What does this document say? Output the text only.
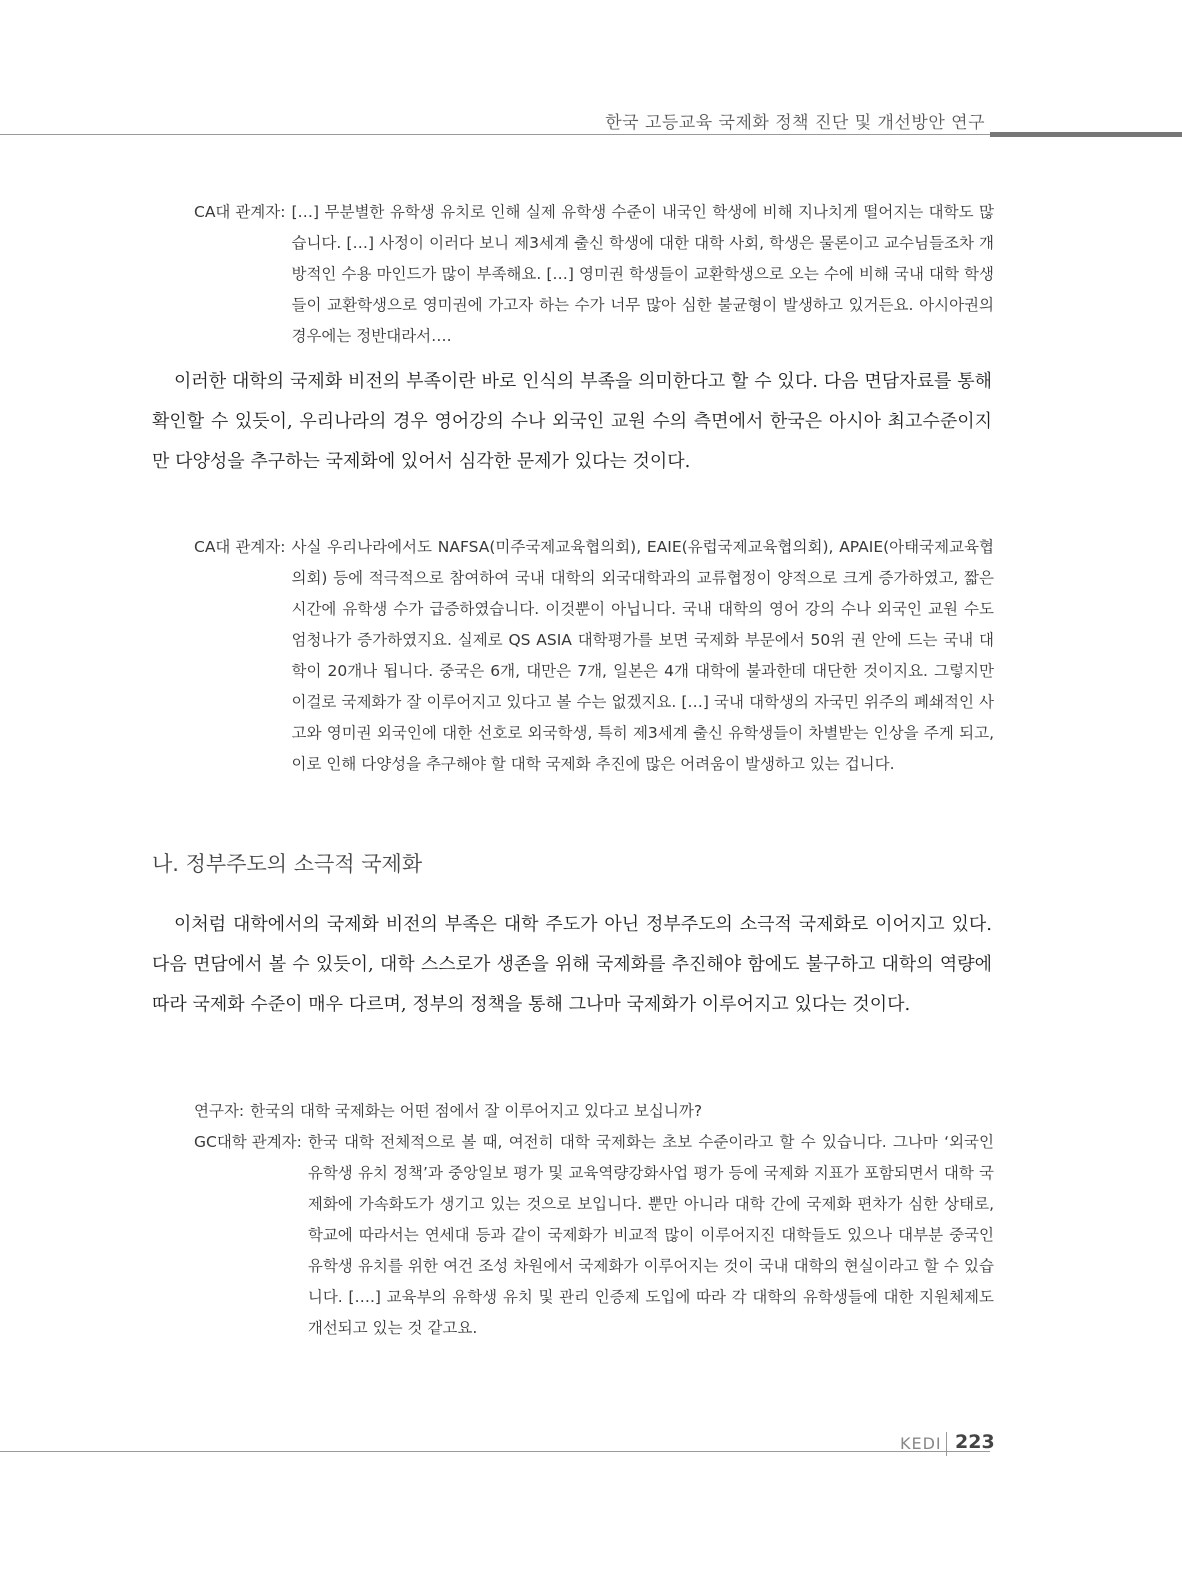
한국 고등교육 국제화 정책 진단 및 개선방안 연구
CA대 관계자: […] 무분별한 유학생 유치로 인해 실제 유학생 수준이 내국인 학생에 비해 지나치게 떨어지는 대학도 많습니다. […] 사정이 이러다 보니 제3세계 출신 학생에 대한 대학 사회, 학생은 물론이고 교수님들조차 개방적인 수용 마인드가 많이 부족해요. […] 영미권 학생들이 교환학생으로 오는 수에 비해 국내 대학 학생들이 교환학생으로 영미권에 가고자 하는 수가 너무 많아 심한 불균형이 발생하고 있거든요. 아시아권의 경우에는 정반대라서….

이러한 대학의 국제화 비전의 부족이란 바로 인식의 부족을 의미한다고 할 수 있다. 다음 면담자료를 통해 확인할 수 있듯이, 우리나라의 경우 영어강의 수나 외국인 교원 수의 측면에서 한국은 아시아 최고수준이지만 다양성을 추구하는 국제화에 있어서 심각한 문제가 있다는 것이다.

CA대 관계자: 사실 우리나라에서도 NAFSA(미주국제교육협의회), EAIE(유럽국제교육협의회), APAIE(아태국제교육협의회) 등에 적극적으로 참여하여 국내 대학의 외국대학과의 교류협정이 양적으로 크게 증가하였고, 짧은 시간에 유학생 수가 급증하였습니다. 이것뿐이 아닙니다. 국내 대학의 영어 강의 수나 외국인 교원 수도 엄청나가 증가하였지요. 실제로 QS ASIA 대학평가를 보면 국제화 부문에서 50위 권 안에 드는 국내 대학이 20개나 됩니다. 중국은 6개, 대만은 7개, 일본은 4개 대학에 불과한데 대단한 것이지요. 그렇지만 이걸로 국제화가 잘 이루어지고 있다고 볼 수는 없겠지요. […] 국내 대학생의 자국민 위주의 폐쇄적인 사고와 영미권 외국인에 대한 선호로 외국학생, 특히 제3세계 출신 유학생들이 차별받는 인상을 주게 되고, 이로 인해 다양성을 추구해야 할 대학 국제화 추진에 많은 어려움이 발생하고 있는 겁니다.
나. 정부주도의 소극적 국제화

이처럼 대학에서의 국제화 비전의 부족은 대학 주도가 아닌 정부주도의 소극적 국제화로 이어지고 있다. 다음 면담에서 볼 수 있듯이, 대학 스스로가 생존을 위해 국제화를 추진해야 함에도 불구하고 대학의 역량에 따라 국제화 수준이 매우 다르며, 정부의 정책을 통해 그나마 국제화가 이루어지고 있다는 것이다.

연구자: 한국의 대학 국제화는 어떤 점에서 잘 이루어지고 있다고 보십니까?
GC대학 관계자: 한국 대학 전체적으로 볼 때, 여전히 대학 국제화는 초보 수준이라고 할 수 있습니다. 그나마 ‘외국인 유학생 유치 정책’과 중앙일보 평가 및 교육역량강화사업 평가 등에 국제화 지표가 포함되면서 대학 국제화에 가속화도가 생기고 있는 것으로 보입니다. 뿐만 아니라 대학 간에 국제화 편차가 심한 상태로, 학교에 따라서는 연세대 등과 같이 국제화가 비교적 많이 이루어지진 대학들도 있으나 대부분 중국인 유학생 유치를 위한 여건 조성 차원에서 국제화가 이루어지는 것이 국내 대학의 현실이라고 할 수 있습니다. [….] 교육부의 유학생 유치 및 관리 인증제 도입에 따라 각 대학의 유학생들에 대한 지원체제도 개선되고 있는 것 같고요.
KEDI 223
